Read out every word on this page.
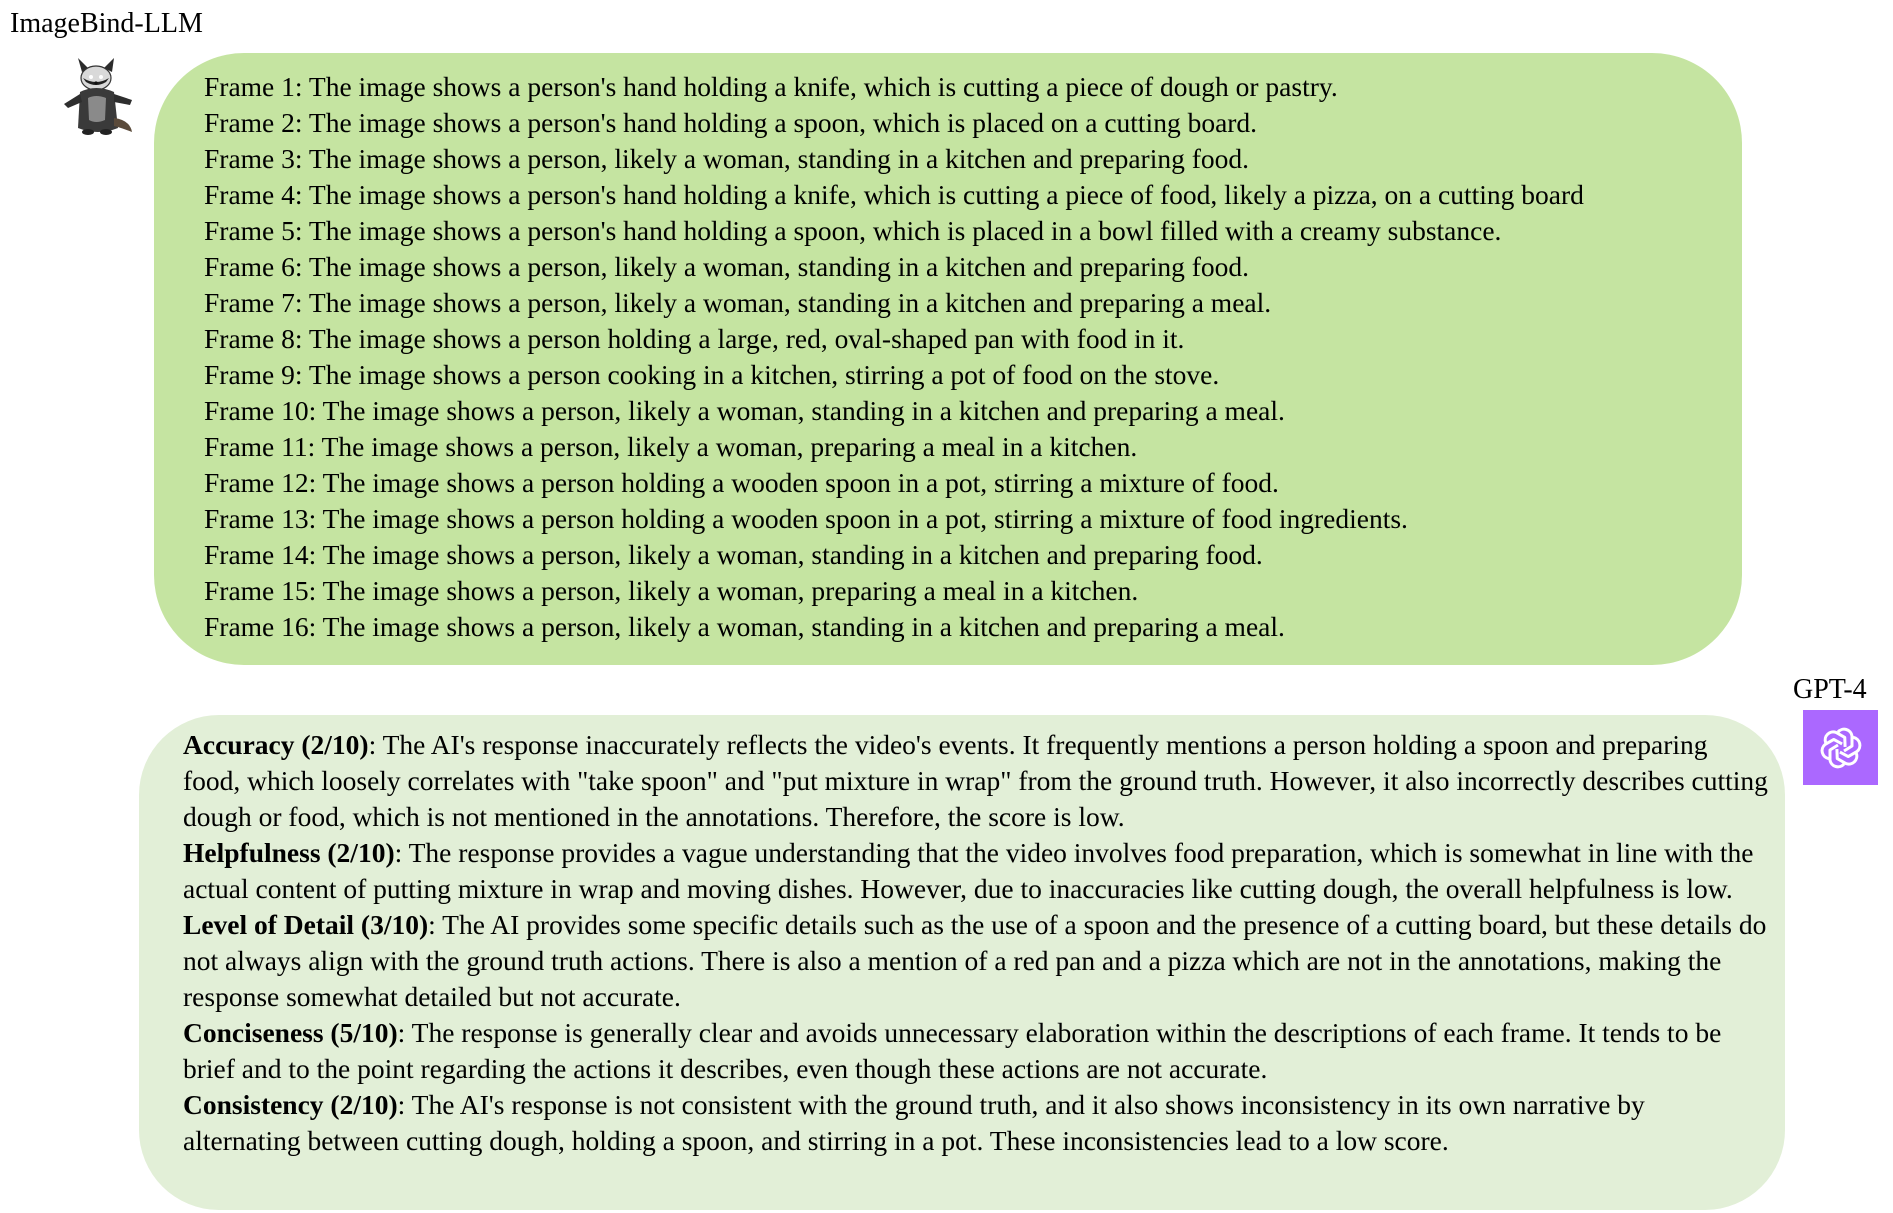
ImageBind-LLM
Frame 1: The image shows a person's hand holding a knife, which is cutting a piece of dough or pastry.
Frame 2: The image shows a person's hand holding a spoon, which is placed on a cutting board.
Frame 3: The image shows a person, likely a woman, standing in a kitchen and preparing food.
Frame 4: The image shows a person's hand holding a knife, which is cutting a piece of food, likely a pizza, on a cutting board
Frame 5: The image shows a person's hand holding a spoon, which is placed in a bowl filled with a creamy substance.
Frame 6: The image shows a person, likely a woman, standing in a kitchen and preparing food.
Frame 7: The image shows a person, likely a woman, standing in a kitchen and preparing a meal.
Frame 8: The image shows a person holding a large, red, oval-shaped pan with food in it.
Frame 9: The image shows a person cooking in a kitchen, stirring a pot of food on the stove.
Frame 10: The image shows a person, likely a woman, standing in a kitchen and preparing a meal.
Frame 11: The image shows a person, likely a woman, preparing a meal in a kitchen.
Frame 12: The image shows a person holding a wooden spoon in a pot, stirring a mixture of food.
Frame 13: The image shows a person holding a wooden spoon in a pot, stirring a mixture of food ingredients.
Frame 14: The image shows a person, likely a woman, standing in a kitchen and preparing food.
Frame 15: The image shows a person, likely a woman, preparing a meal in a kitchen.
Frame 16: The image shows a person, likely a woman, standing in a kitchen and preparing a meal.
GPT-4
Accuracy (2/10): The AI's response inaccurately reflects the video's events. It frequently mentions a person holding a spoon and preparing food, which loosely correlates with "take spoon" and "put mixture in wrap" from the ground truth. However, it also incorrectly describes cutting dough or food, which is not mentioned in the annotations. Therefore, the score is low.
Helpfulness (2/10): The response provides a vague understanding that the video involves food preparation, which is somewhat in line with the actual content of putting mixture in wrap and moving dishes. However, due to inaccuracies like cutting dough, the overall helpfulness is low.
Level of Detail (3/10): The AI provides some specific details such as the use of a spoon and the presence of a cutting board, but these details do not always align with the ground truth actions. There is also a mention of a red pan and a pizza which are not in the annotations, making the response somewhat detailed but not accurate.
Conciseness (5/10): The response is generally clear and avoids unnecessary elaboration within the descriptions of each frame. It tends to be brief and to the point regarding the actions it describes, even though these actions are not accurate.
Consistency (2/10): The AI's response is not consistent with the ground truth, and it also shows inconsistency in its own narrative by alternating between cutting dough, holding a spoon, and stirring in a pot. These inconsistencies lead to a low score.
